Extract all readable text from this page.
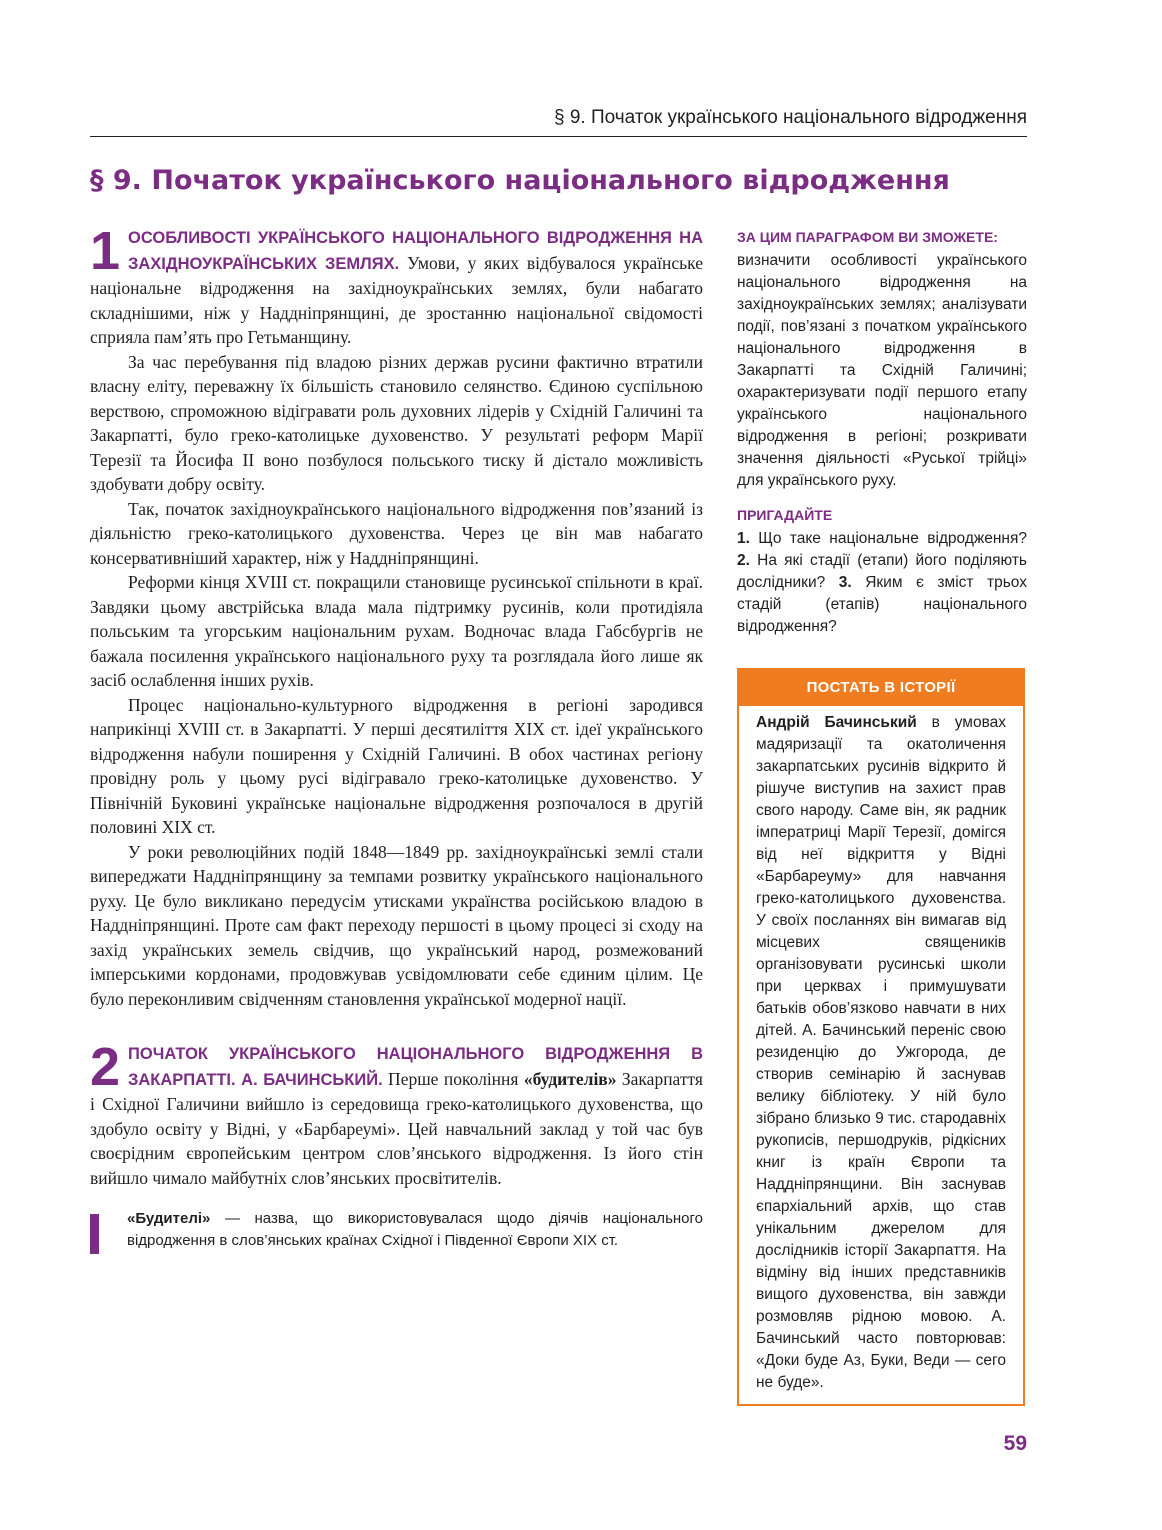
§ 9. Початок українського національного відродження
§ 9. Початок українського національного відродження
1 ОСОБЛИВОСТІ УКРАЇНСЬКОГО НАЦІОНАЛЬНОГО ВІДРОДЖЕННЯ НА ЗАХІДНОУКРАЇНСЬКИХ ЗЕМЛЯХ. Умови, у яких відбувалося українське національне відродження на західноукраїнських землях, були набагато складнішими, ніж у Наддніпрянщині, де зростанню національної свідомості сприяла пам’ять про Гетьманщину.

За час перебування під владою різних держав русини фактично втратили власну еліту, переважну їх більшість становило селянство. Єдиною суспільною верствою, спроможною відігравати роль духовних лідерів у Східній Галичині та Закарпатті, було греко-католицьке духовенство. У результаті реформ Марії Терезії та Йосифа II воно позбулося польського тиску й дістало можливість здобувати добру освіту.

Так, початок західноукраїнського національного відродження пов’язаний із діяльністю греко-католицького духовенства. Через це він мав набагато консервативніший характер, ніж у Наддніпрянщині.

Реформи кінця XVIII ст. покращили становище русинської спільноти в краї. Завдяки цьому австрійська влада мала підтримку русинів, коли протидіяла польським та угорським національним рухам. Водночас влада Габсбургів не бажала посилення українського національного руху та розглядала його лише як засіб ослаблення інших рухів.

Процес національно-культурного відродження в регіоні зародився наприкінці XVIII ст. в Закарпатті. У перші десятиліття XIX ст. ідеї українського відродження набули поширення у Східній Галичині. В обох частинах регіону провідну роль у цьому русі відігравало греко-католицьке духовенство. У Північній Буковині українське національне відродження розпочалося в другій половині XIX ст.

У роки революційних подій 1848—1849 рр. західноукраїнські землі стали випереджати Наддніпрянщину за темпами розвитку українського національного руху. Це було викликано передусім утисками українства російською владою в Наддніпрянщині. Проте сам факт переходу першості в цьому процесі зі сходу на захід українських земель свідчив, що український народ, розмежований імперськими кордонами, продовжував усвідомлювати себе єдиним цілим. Це було переконливим свідченням становлення української модерної нації.

2 ПОЧАТОК УКРАЇНСЬКОГО НАЦІОНАЛЬНОГО ВІДРОДЖЕННЯ В ЗАКАРПАТТІ. А. БАЧИНСЬКИЙ. Перше покоління «будителів» Закарпаття і Східної Галичини вийшло із середовища греко-католицького духовенства, що здобуло освіту у Відні, у «Барбареумі». Цей навчальний заклад у той час був своєрідним європейським центром слов’янського відродження. Із його стін вийшло чимало майбутніх слов’янських просвітителів.

«Будителі» — назва, що використовувалася щодо діячів національного відродження в слов’янських країнах Східної і Південної Європи XIX ст.
ЗА ЦИМ ПАРАГРАФОМ ВИ ЗМОЖЕТЕ:

визначити особливості українського національного відродження на західноукраїнських землях; аналізувати події, пов’язані з початком українського національного відродження в Закарпатті та Східній Галичині; охарактеризувати події першого етапу українського національного відродження в регіоні; розкривати значення діяльності «Руської трійці» для українського руху.

ПРИГАДАЙТЕ

1. Що таке національне відродження? 2. На які стадії (етапи) його поділяють дослідники? 3. Яким є зміст трьох стадій (етапів) національного відродження?

ПОСТАТЬ В ІСТОРІЇ
Андрій Бачинський в умовах мадяризації та окатоличення закарпатських русинів відкрито й рішуче виступив на захист прав свого народу. Саме він, як радник імператриці Марії Терезії, домігся від неї відкриття у Відні «Барбареуму» для навчання греко-католицького духовенства. У своїх посланнях він вимагав від місцевих священиків організовувати русинські школи при церквах і примушувати батьків обов’язково навчати в них дітей. А. Бачинський переніс свою резиденцію до Ужгорода, де створив семінарію й заснував велику бібліотеку. У ній було зібрано близько 9 тис. стародавніх рукописів, першодруків, рідкісних книг із країн Європи та Наддніпрянщини. Він заснував єпархіальний архів, що став унікальним джерелом для дослідників історії Закарпаття. На відміну від інших представників вищого духовенства, він завжди розмовляв рідною мовою. А. Бачинський часто повторював: «Доки буде Аз, Буки, Веди — сего не буде».
59
